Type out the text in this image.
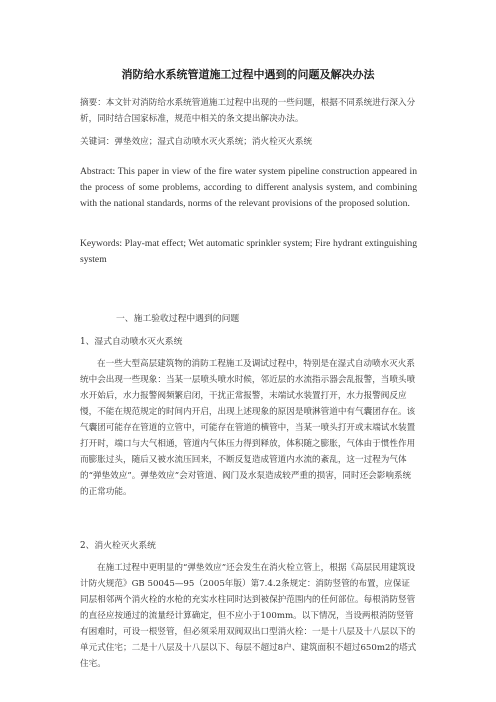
消防给水系统管道施工过程中遇到的问题及解决办法
摘要：本文针对消防给水系统管道施工过程中出现的一些问题，根据不同系统进行深入分析，同时结合国家标准，规范中相关的条文提出解决办法。
关键词：弹垫效应；湿式自动喷水灭火系统；消火栓灭火系统
Abstract: This paper in view of the fire water system pipeline construction appeared in the process of some problems, according to different analysis system, and combining with the national standards, norms of the relevant provisions of the proposed solution.
Keywords: Play-mat effect; Wet automatic sprinkler system; Fire hydrant extinguishing system
一、施工验收过程中遇到的问题
1、湿式自动喷水灭火系统
在一些大型高层建筑物的消防工程施工及调试过程中，特别是在湿式自动喷水灭火系统中会出现一些现象：当某一层喷头喷水时候，邻近层的水流指示器会乱报警，当喷头喷水开始后，水力报警阀频繁启闭，干扰正常报警，末端试水装置打开，水力报警阀反应慢，不能在规范规定的时间内开启，出现上述现象的原因是喷淋管道中有气囊团存在。该气囊团可能存在管道的立管中，可能存在管道的横管中，当某一喷头打开或末端试水装置打开时，端口与大气相通，管道内气体压力得到释放，体积随之膨胀，气体由于惯性作用而膨胀过头，随后又被水流压回来，不断反复造成管道内水流的紊乱，这一过程为气体的“弹垫效应”。弹垫效应”会对管道、阀门及水泵造成较严重的损害，同时还会影响系统的正常功能。
2、消火栓灭火系统
在施工过程中更明显的“弹垫效应”还会发生在消火栓立管上，根据《高层民用建筑设计防火规范》GB 50045—95（2005年版）第7.4.2条规定：消防竖管的布置，应保证同层相邻两个消火栓的水枪的充实水柱同时达到被保护范围内的任何部位。每根消防竖管的直径应按通过的流量经计算确定，但不应小于100mm。以下情况，当设两根消防竖管有困难时，可设一根竖管，但必须采用双阀双出口型消火栓：一是十八层及十八层以下的单元式住宅；二是十八层及十八层以下、每层不超过8户、建筑面积不超过650m2的塔式住宅。
